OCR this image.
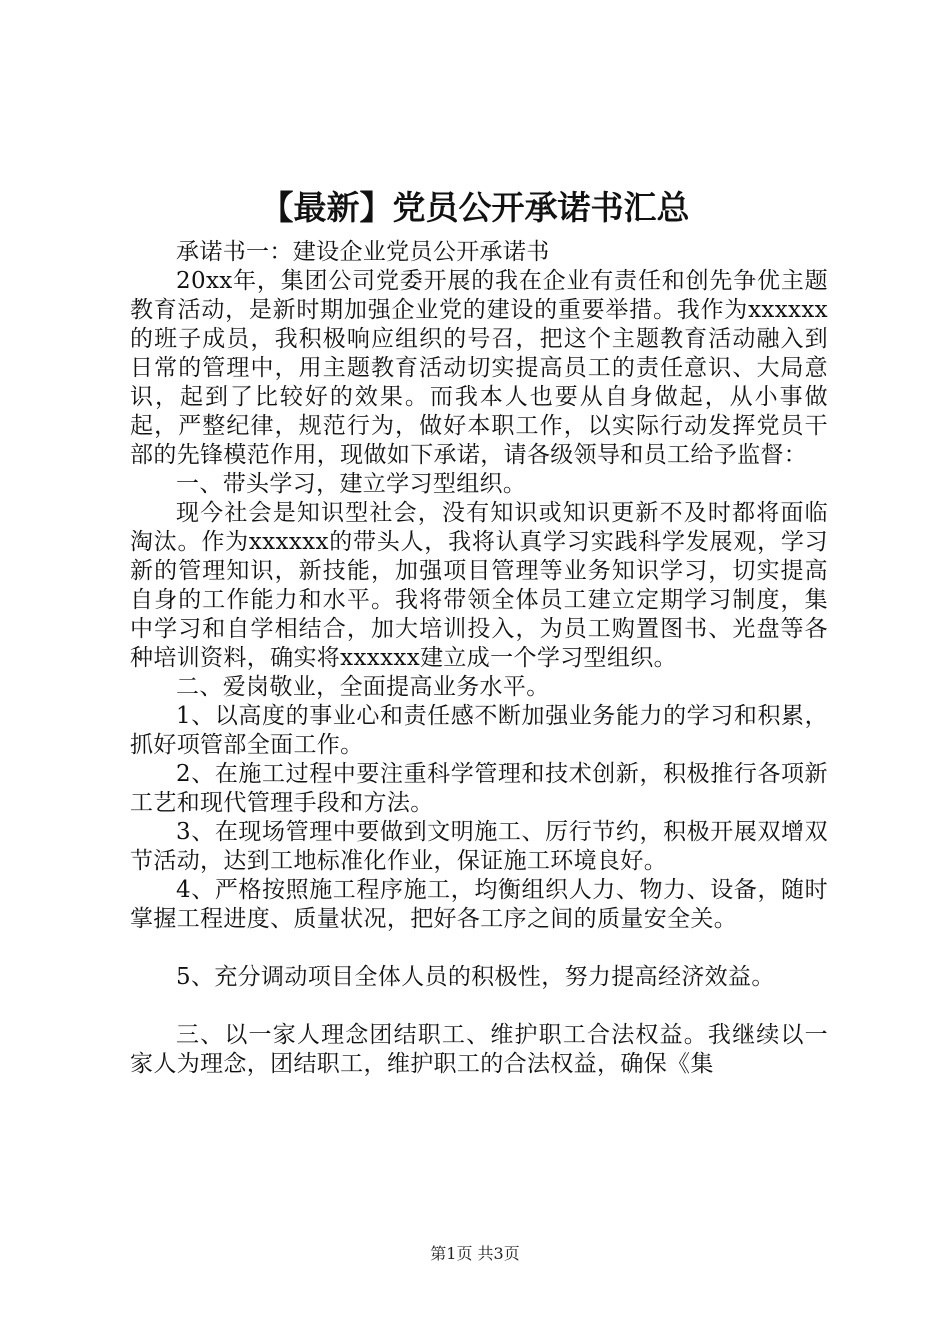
【最新】党员公开承诺书汇总

承诺书一：建设企业党员公开承诺书

20xx年，集团公司党委开展的我在企业有责任和创先争优主题教育活动，是新时期加强企业党的建设的重要举措。我作为xxxxxx的班子成员，我积极响应组织的号召，把这个主题教育活动融入到日常的管理中，用主题教育活动切实提高员工的责任意识、大局意识，起到了比较好的效果。而我本人也要从自身做起，从小事做起，严整纪律，规范行为，做好本职工作，以实际行动发挥党员干部的先锋模范作用，现做如下承诺，请各级领导和员工给予监督：

一、带头学习，建立学习型组织。

现今社会是知识型社会，没有知识或知识更新不及时都将面临淘汰。作为xxxxxx的带头人，我将认真学习实践科学发展观，学习新的管理知识，新技能，加强项目管理等业务知识学习，切实提高自身的工作能力和水平。我将带领全体员工建立定期学习制度，集中学习和自学相结合，加大培训投入，为员工购置图书、光盘等各种培训资料，确实将xxxxxx建立成一个学习型组织。

二、爱岗敬业，全面提高业务水平。

1、以高度的事业心和责任感不断加强业务能力的学习和积累，抓好项管部全面工作。

2、在施工过程中要注重科学管理和技术创新，积极推行各项新工艺和现代管理手段和方法。

3、在现场管理中要做到文明施工、厉行节约，积极开展双增双节活动，达到工地标准化作业，保证施工环境良好。

4、严格按照施工程序施工，均衡组织人力、物力、设备，随时掌握工程进度、质量状况，把好各工序之间的质量安全关。

5、充分调动项目全体人员的积极性，努力提高经济效益。

三、以一家人理念团结职工、维护职工合法权益。我继续以一家人为理念，团结职工，维护职工的合法权益，确保《集

第1页 共3页
